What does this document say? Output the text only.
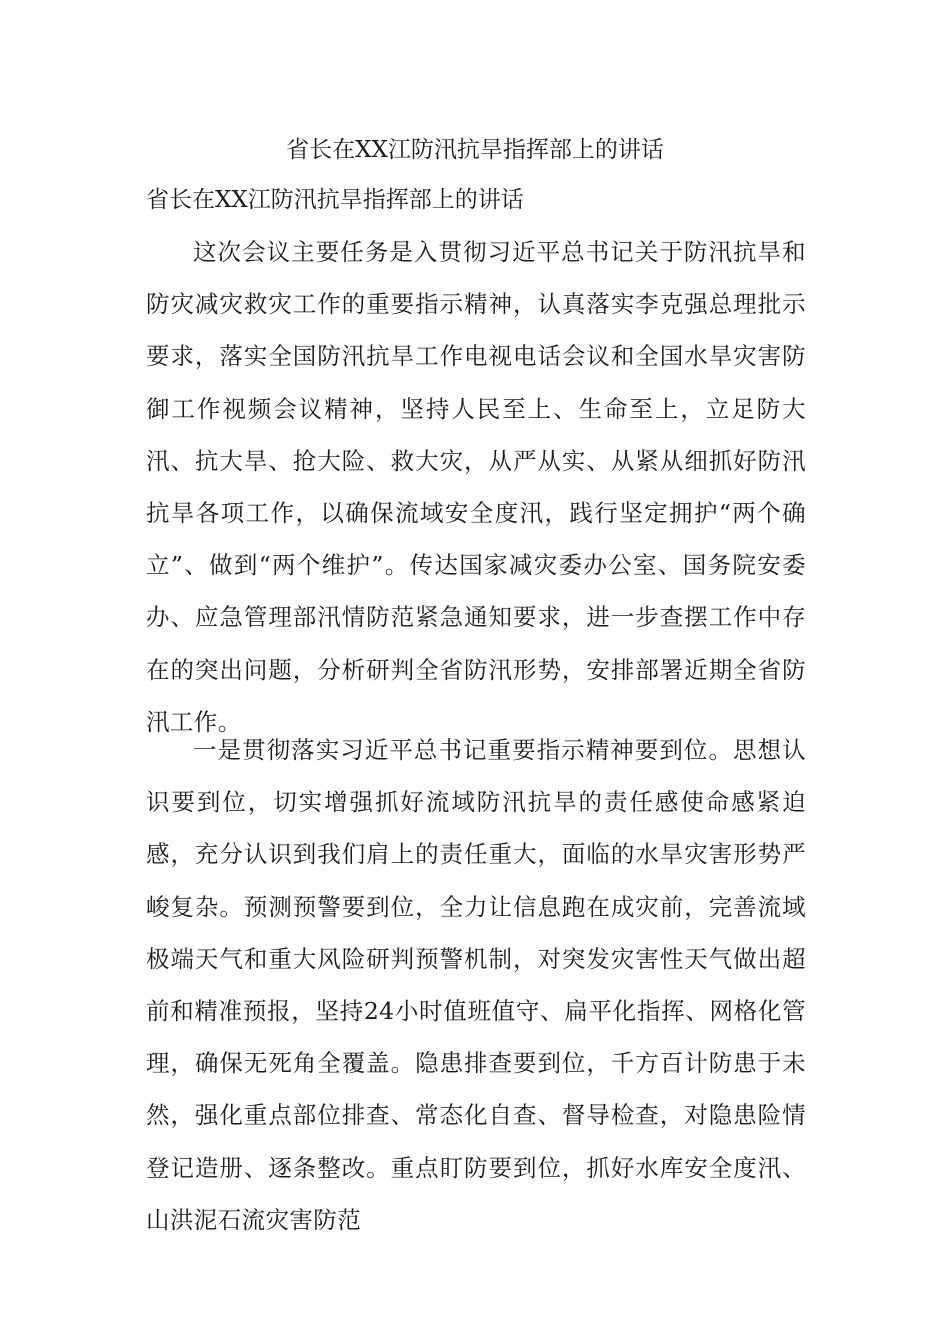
省长在XX江防汛抗旱指挥部上的讲话
省长在XX江防汛抗旱指挥部上的讲话

这次会议主要任务是入贯彻习近平总书记关于防汛抗旱和防灾减灾救灾工作的重要指示精神，认真落实李克强总理批示要求，落实全国防汛抗旱工作电视电话会议和全国水旱灾害防御工作视频会议精神，坚持人民至上、生命至上，立足防大汛、抗大旱、抢大险、救大灾，从严从实、从紧从细抓好防汛抗旱各项工作，以确保流域安全度汛，践行坚定拥护“两个确立”、做到“两个维护”。传达国家减灾委办公室、国务院安委办、应急管理部汛情防范紧急通知要求，进一步查摆工作中存在的突出问题，分析研判全省防汛形势，安排部署近期全省防汛工作。

一是贯彻落实习近平总书记重要指示精神要到位。思想认识要到位，切实增强抓好流域防汛抗旱的责任感使命感紧迫感，充分认识到我们肩上的责任重大，面临的水旱灾害形势严峻复杂。预测预警要到位，全力让信息跑在成灾前，完善流域极端天气和重大风险研判预警机制，对突发灾害性天气做出超前和精准预报，坚持24小时值班值守、扁平化指挥、网格化管理，确保无死角全覆盖。隐患排查要到位，千方百计防患于未然，强化重点部位排查、常态化自查、督导检查，对隐患险情登记造册、逐条整改。重点盯防要到位，抓好水库安全度汛、山洪泥石流灾害防范
